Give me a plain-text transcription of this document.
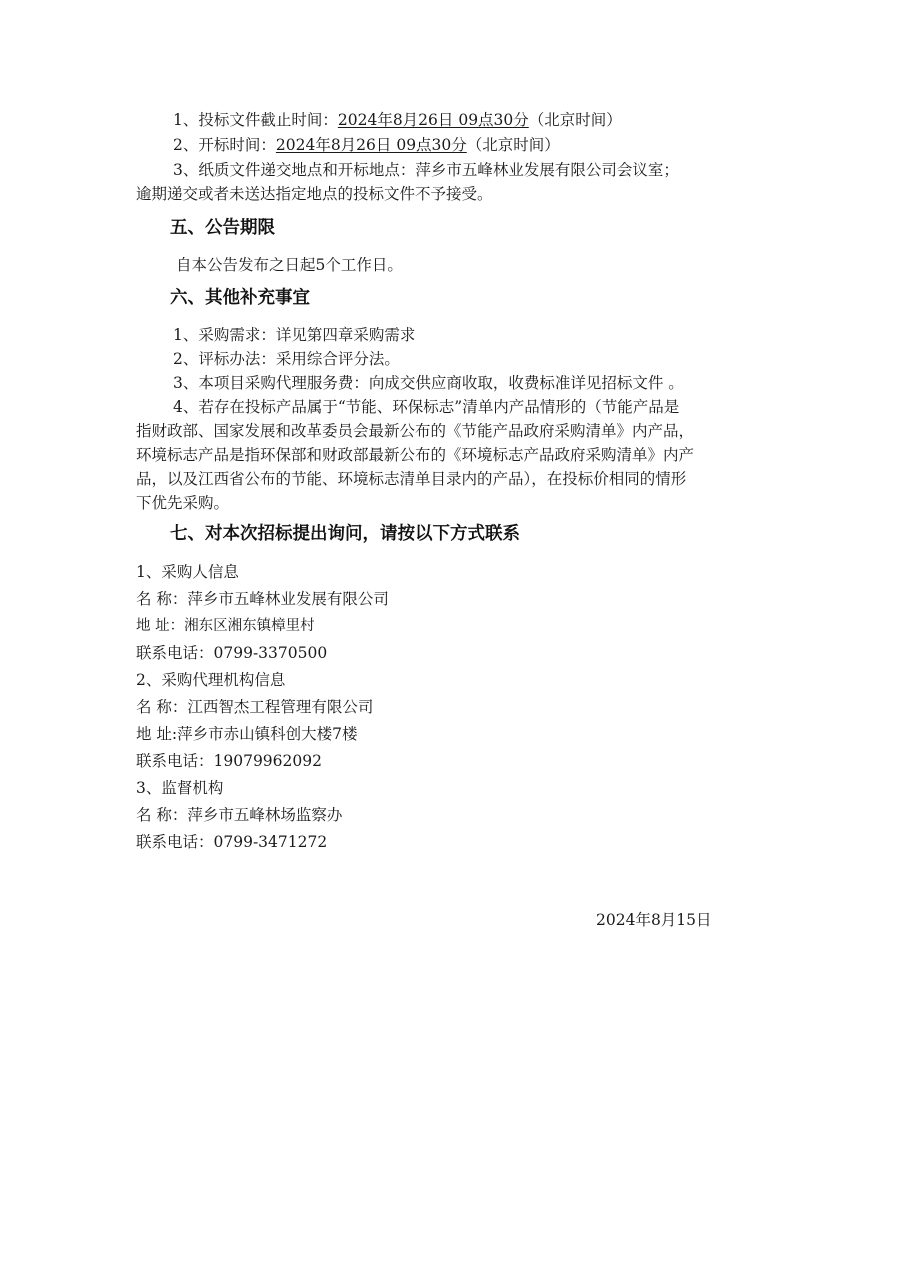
1、投标文件截止时间：2024年8月26日 09点30分（北京时间）
2、开标时间：2024年8月26日 09点30分（北京时间）
3、纸质文件递交地点和开标地点：萍乡市五峰林业发展有限公司会议室；
逾期递交或者未送达指定地点的投标文件不予接受。
五、公告期限
自本公告发布之日起5个工作日。
六、其他补充事宜
1、采购需求：详见第四章采购需求
2、评标办法：采用综合评分法。
3、本项目采购代理服务费：向成交供应商收取，收费标准详见招标文件 。
4、若存在投标产品属于“节能、环保标志”清单内产品情形的（节能产品是
指财政部、国家发展和改革委员会最新公布的《节能产品政府采购清单》内产品，
环境标志产品是指环保部和财政部最新公布的《环境标志产品政府采购清单》内产
品，以及江西省公布的节能、环境标志清单目录内的产品），在投标价相同的情形
下优先采购。
七、对本次招标提出询问，请按以下方式联系
1、采购人信息
名 称：萍乡市五峰林业发展有限公司
地 址：湘东区湘东镇樟里村
联系电话：0799-3370500
2、采购代理机构信息
名 称：江西智杰工程管理有限公司
地 址:萍乡市赤山镇科创大楼7楼
联系电话：19079962092
3、监督机构
名 称：萍乡市五峰林场监察办
联系电话：0799-3471272
2024年8月15日
